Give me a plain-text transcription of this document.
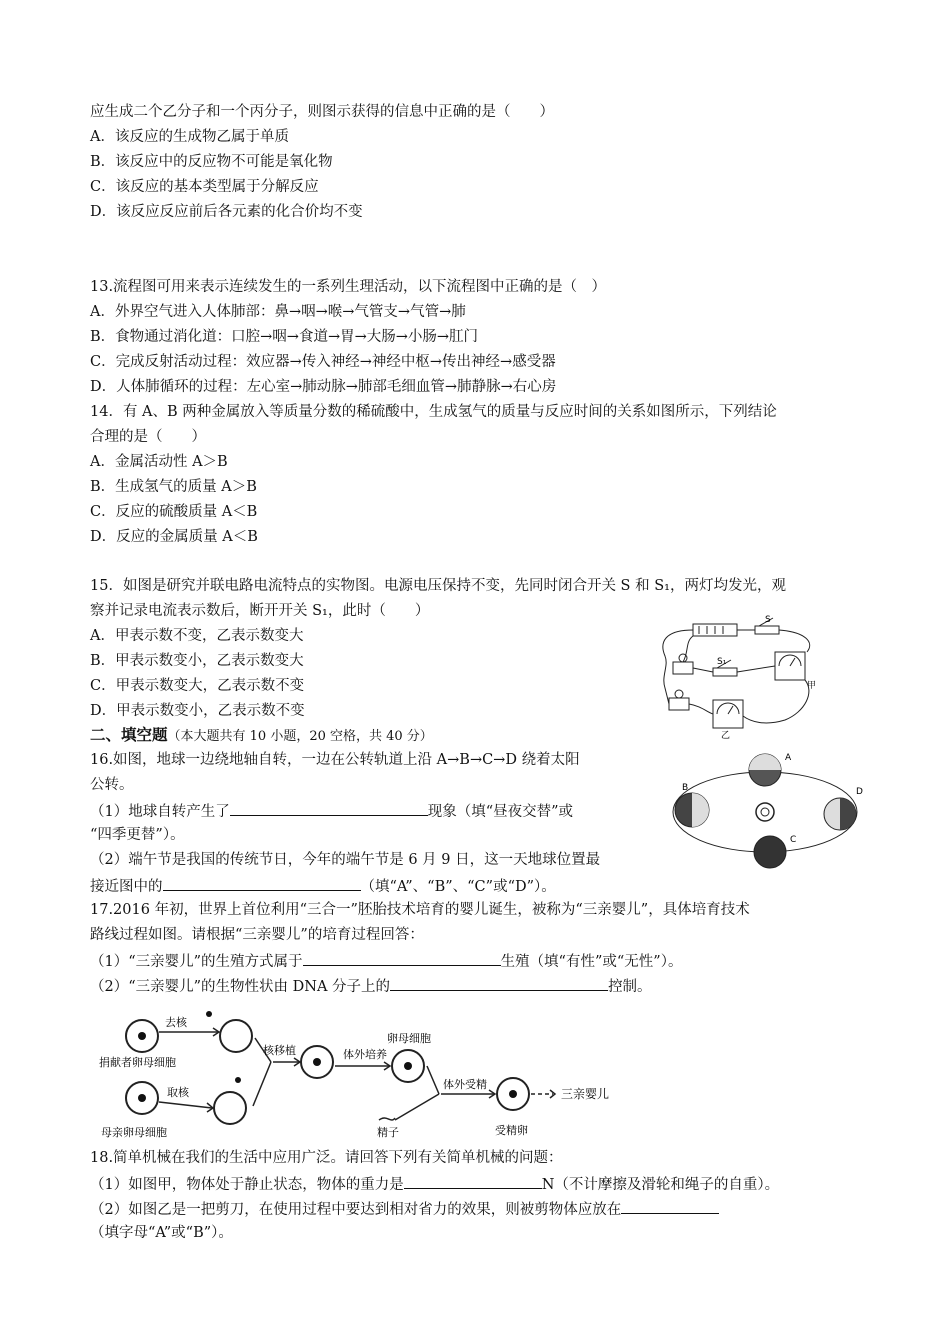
应生成二个乙分子和一个丙分子，则图示获得的信息中正确的是（　　）
A．该反应的生成物乙属于单质
B．该反应中的反应物不可能是氧化物
C．该反应的基本类型属于分解反应
D．该反应反应前后各元素的化合价均不变
13.流程图可用来表示连续发生的一系列生理活动，以下流程图中正确的是（　）
A．外界空气进入人体肺部：鼻→咽→喉→气管支→气管→肺
B．食物通过消化道：口腔→咽→食道→胃→大肠→小肠→肛门
C．完成反射活动过程：效应器→传入神经→神经中枢→传出神经→感受器
D．人体肺循环的过程：左心室→肺动脉→肺部毛细血管→肺静脉→右心房
14．有 A、B 两种金属放入等质量分数的稀硫酸中，生成氢气的质量与反应时间的关系如图所示，下列结论
合理的是（　　）
A．金属活动性 A＞B
B．生成氢气的质量 A＞B
C．反应的硫酸质量 A＜B
D．反应的金属质量 A＜B
15．如图是研究并联电路电流特点的实物图。电源电压保持不变，先同时闭合开关 S 和 S₁，两灯均发光，观
察并记录电流表示数后，断开开关 S₁，此时（　　）
A．甲表示数不变，乙表示数变大
B．甲表示数变小，乙表示数变大
C．甲表示数变大，乙表示数不变
D．甲表示数变小，乙表示数不变
S
S₁
甲
乙
二、填空题（本大题共有 10 小题，20 空格，共 40 分）
16.如图，地球一边绕地轴自转，一边在公转轨道上沿 A→B→C→D 绕着太阳
公转。
（1）地球自转产生了	现象（填“昼夜交替”或
“四季更替”）。
（2）端午节是我国的传统节日，今年的端午节是 6 月 9 日，这一天地球位置最
接近图中的	（填“A”、“B”、“C”或“D”）。
A
B
C
D
17.2016 年初，世界上首位利用“三合一”胚胎技术培育的婴儿诞生，被称为“三亲婴儿”，具体培育技术
路线过程如图。请根据“三亲婴儿”的培育过程回答：
（1）“三亲婴儿”的生殖方式属于	生殖（填“有性”或“无性”）。
（2）“三亲婴儿”的生物性状由 DNA 分子上的	控制。
去核
捐献者卵母细胞
取核
母亲卵母细胞
核移植	体外培养
卵母细胞
体外受精
精子	受精卵
三亲婴儿
18.简单机械在我们的生活中应用广泛。请回答下列有关简单机械的问题：
（1）如图甲，物体处于静止状态，物体的重力是	N（不计摩擦及滑轮和绳子的自重）。
（2）如图乙是一把剪刀，在使用过程中要达到相对省力的效果，则被剪物体应放在
（填字母“A”或“B”）。
